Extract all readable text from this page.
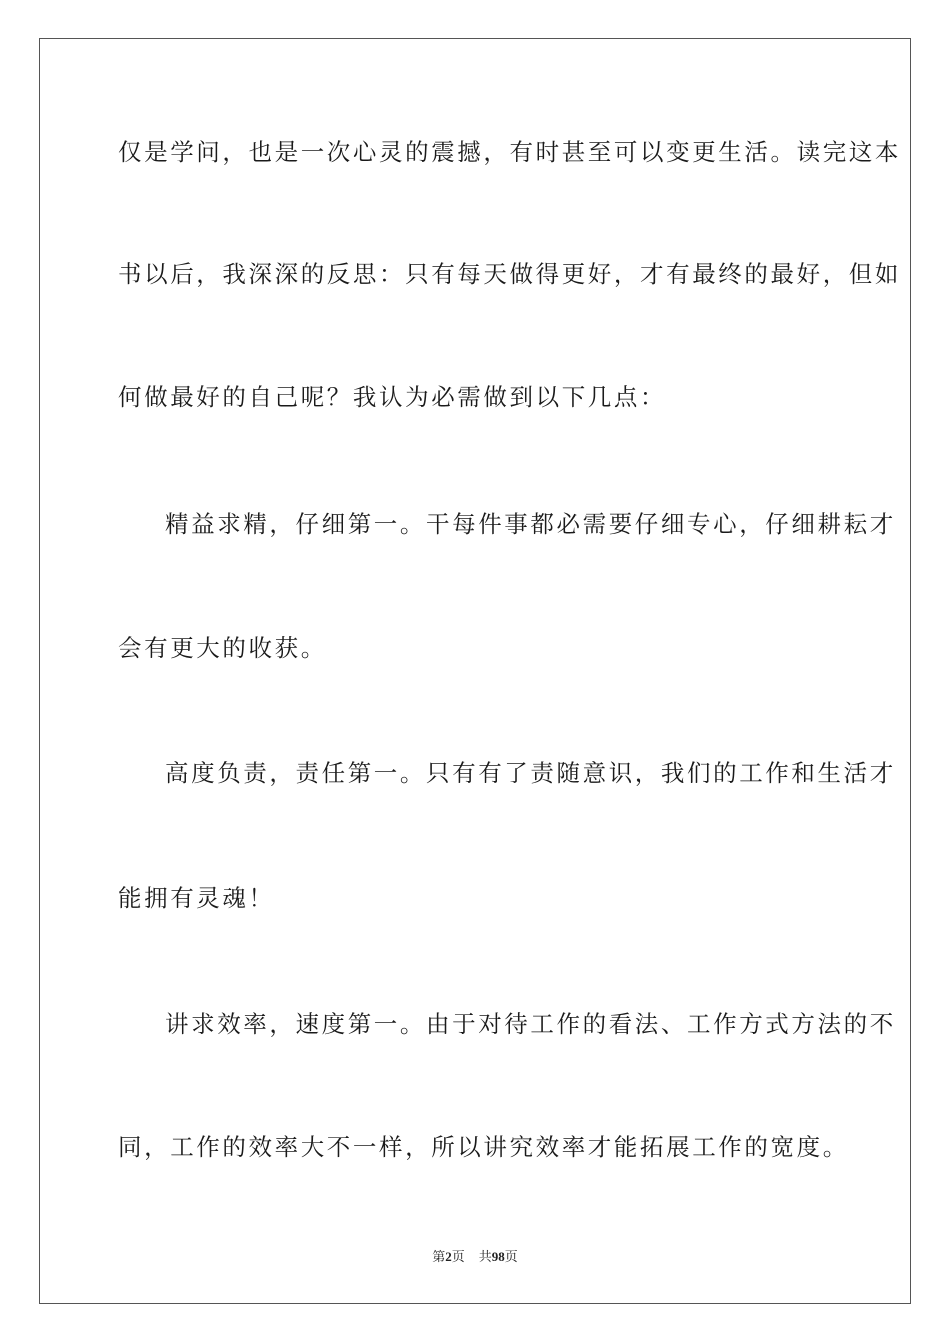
仅是学问，也是一次心灵的震撼，有时甚至可以变更生活。读完这本
书以后，我深深的反思：只有每天做得更好，才有最终的最好，但如
何做最好的自己呢？我认为必需做到以下几点：
精益求精，仔细第一。干每件事都必需要仔细专心，仔细耕耘才
会有更大的收获。
高度负责，责任第一。只有有了责随意识，我们的工作和生活才
能拥有灵魂！
讲求效率，速度第一。由于对待工作的看法、工作方式方法的不
同，工作的效率大不一样，所以讲究效率才能拓展工作的宽度。
第2页 共98页
